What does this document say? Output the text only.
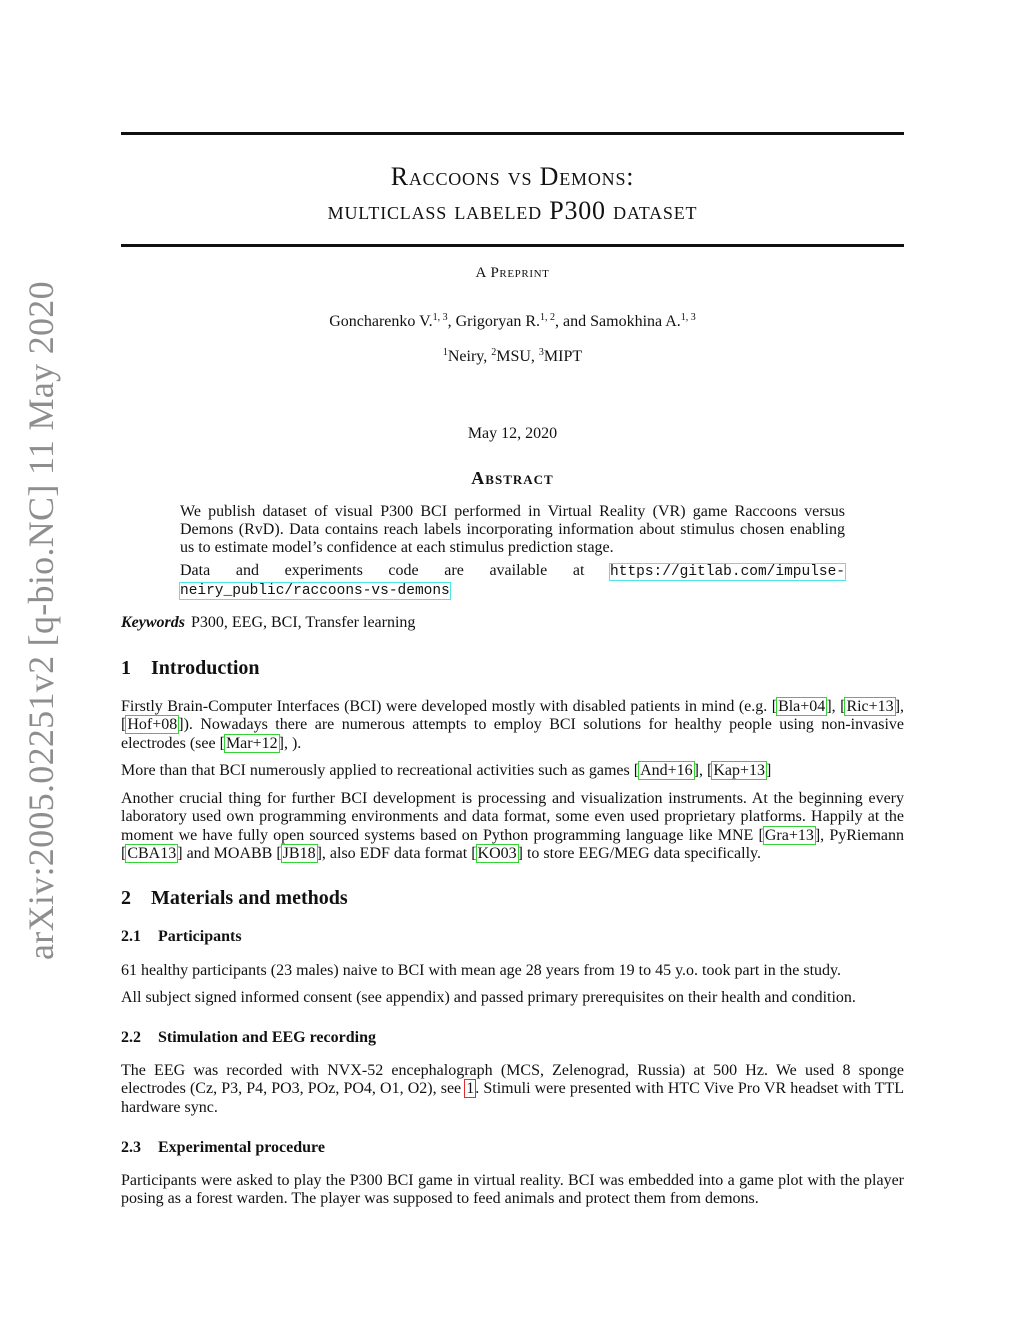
arXiv:2005.02251v2 [q-bio.NC] 11 May 2020
Raccoons vs Demons:
multiclass labeled P300 dataset
A Preprint
Goncharenko V.$^{1, 3}$, Grigoryan R.$^{1, 2}$, and Samokhina A.$^{1, 3}$
$^1$Neiry, $^2$MSU, $^3$MIPT
May 12, 2020
Abstract
We publish dataset of visual P300 BCI performed in Virtual Reality (VR) game Raccoons versus Demons (RvD). Data contains reach labels incorporating information about stimulus chosen enabling us to estimate model’s confidence at each stimulus prediction stage.
Data and experiments code are available at https://gitlab.com/impulse-neiry_public/raccoons-vs-demons
Keywords P300, EEG, BCI, Transfer learning
1 Introduction
Firstly Brain-Computer Interfaces (BCI) were developed mostly with disabled patients in mind (e.g. [Bla+04], [Ric+13], [Hof+08]). Nowadays there are numerous attempts to employ BCI solutions for healthy people using non-invasive electrodes (see [Mar+12], ).
More than that BCI numerously applied to recreational activities such as games [And+16], [Kap+13]
Another crucial thing for further BCI development is processing and visualization instruments. At the beginning every laboratory used own programming environments and data format, some even used proprietary platforms. Happily at the moment we have fully open sourced systems based on Python programming language like MNE [Gra+13], PyRiemann [CBA13] and MOABB [JB18], also EDF data format [KO03] to store EEG/MEG data specifically.
2 Materials and methods
2.1 Participants
61 healthy participants (23 males) naive to BCI with mean age 28 years from 19 to 45 y.o. took part in the study.
All subject signed informed consent (see appendix) and passed primary prerequisites on their health and condition.
2.2 Stimulation and EEG recording
The EEG was recorded with NVX-52 encephalograph (MCS, Zelenograd, Russia) at 500 Hz. We used 8 sponge electrodes (Cz, P3, P4, PO3, POz, PO4, O1, O2), see 1. Stimuli were presented with HTC Vive Pro VR headset with TTL hardware sync.
2.3 Experimental procedure
Participants were asked to play the P300 BCI game in virtual reality. BCI was embedded into a game plot with the player posing as a forest warden. The player was supposed to feed animals and protect them from demons.
